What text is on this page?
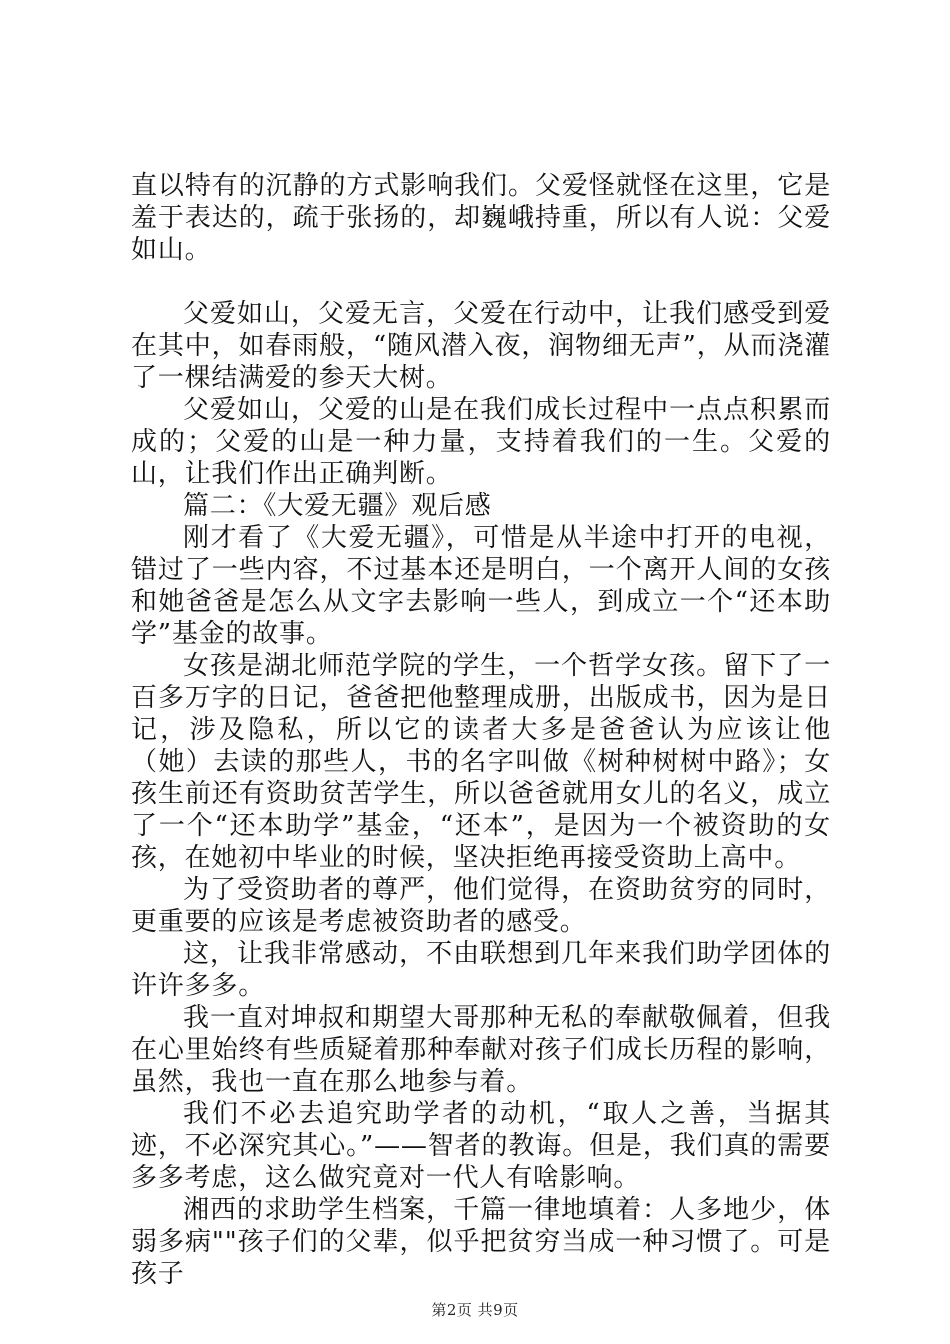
直以特有的沉静的方式影响我们。父爱怪就怪在这里，它是羞于表达的，疏于张扬的，却巍峨持重，所以有人说：父爱如山。

父爱如山，父爱无言，父爱在行动中，让我们感受到爱在其中，如春雨般，“随风潜入夜，润物细无声”，从而浇灌了一棵结满爱的参天大树。

父爱如山，父爱的山是在我们成长过程中一点点积累而成的；父爱的山是一种力量，支持着我们的一生。父爱的山，让我们作出正确判断。

篇二：《大爱无疆》观后感

刚才看了《大爱无疆》，可惜是从半途中打开的电视，错过了一些内容，不过基本还是明白，一个离开人间的女孩和她爸爸是怎么从文字去影响一些人，到成立一个“还本助学”基金的故事。

女孩是湖北师范学院的学生，一个哲学女孩。留下了一百多万字的日记，爸爸把他整理成册，出版成书，因为是日记，涉及隐私，所以它的读者大多是爸爸认为应该让他（她）去读的那些人，书的名字叫做《树种树树中路》；女孩生前还有资助贫苦学生，所以爸爸就用女儿的名义，成立了一个“还本助学”基金，“还本”，是因为一个被资助的女孩，在她初中毕业的时候，坚决拒绝再接受资助上高中。

为了受资助者的尊严，他们觉得，在资助贫穷的同时，更重要的应该是考虑被资助者的感受。

这，让我非常感动，不由联想到几年来我们助学团体的许许多多。

我一直对坤叔和期望大哥那种无私的奉献敬佩着，但我在心里始终有些质疑着那种奉献对孩子们成长历程的影响，虽然，我也一直在那么地参与着。

我们不必去追究助学者的动机，“取人之善，当据其迹，不必深究其心。”——智者的教诲。但是，我们真的需要多多考虑，这么做究竟对一代人有啥影响。

湘西的求助学生档案，千篇一律地填着：人多地少，体弱多病""孩子们的父辈，似乎把贫穷当成一种习惯了。可是孩子

第2页 共9页
